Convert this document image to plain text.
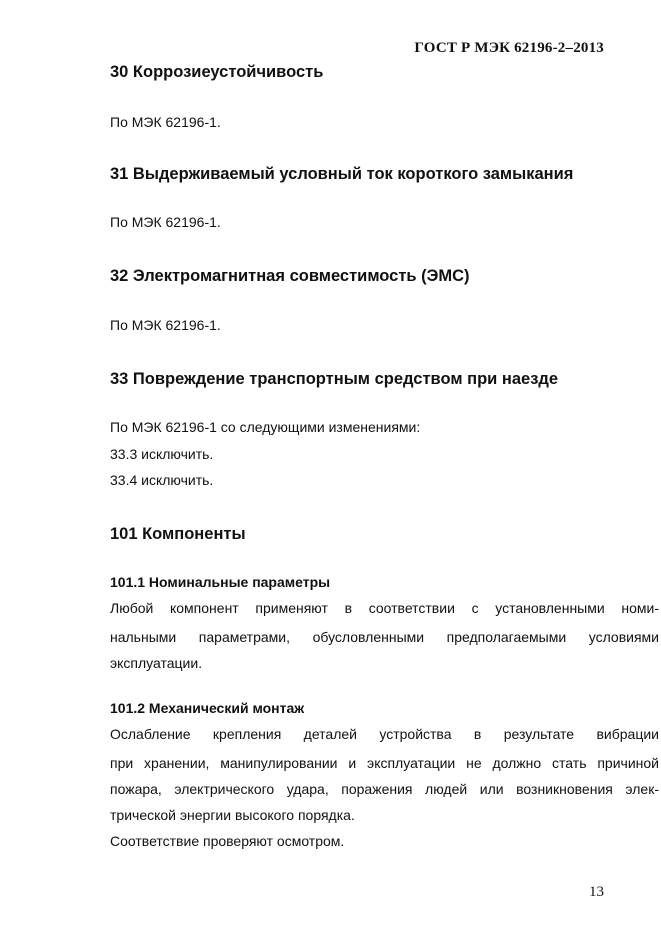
ГОСТ Р МЭК 62196-2–2013
30 Коррозиеустойчивость
По МЭК 62196-1.
31 Выдерживаемый условный ток короткого замыкания
По МЭК 62196-1.
32 Электромагнитная совместимость (ЭМС)
По МЭК 62196-1.
33 Повреждение транспортным средством при наезде
По МЭК 62196-1 со следующими изменениями:
33.3 исключить.
33.4 исключить.
101 Компоненты
101.1 Номинальные параметры
Любой компонент применяют в соответствии с установленными номи-
нальными параметрами, обусловленными предполагаемыми условиями
эксплуатации.
101.2 Механический монтаж
Ослабление крепления деталей устройства в результате вибрации
при хранении, манипулировании и эксплуатации не должно стать причиной
пожара, электрического удара, поражения людей или возникновения элек-
трической энергии высокого порядка.
Соответствие проверяют осмотром.
13
